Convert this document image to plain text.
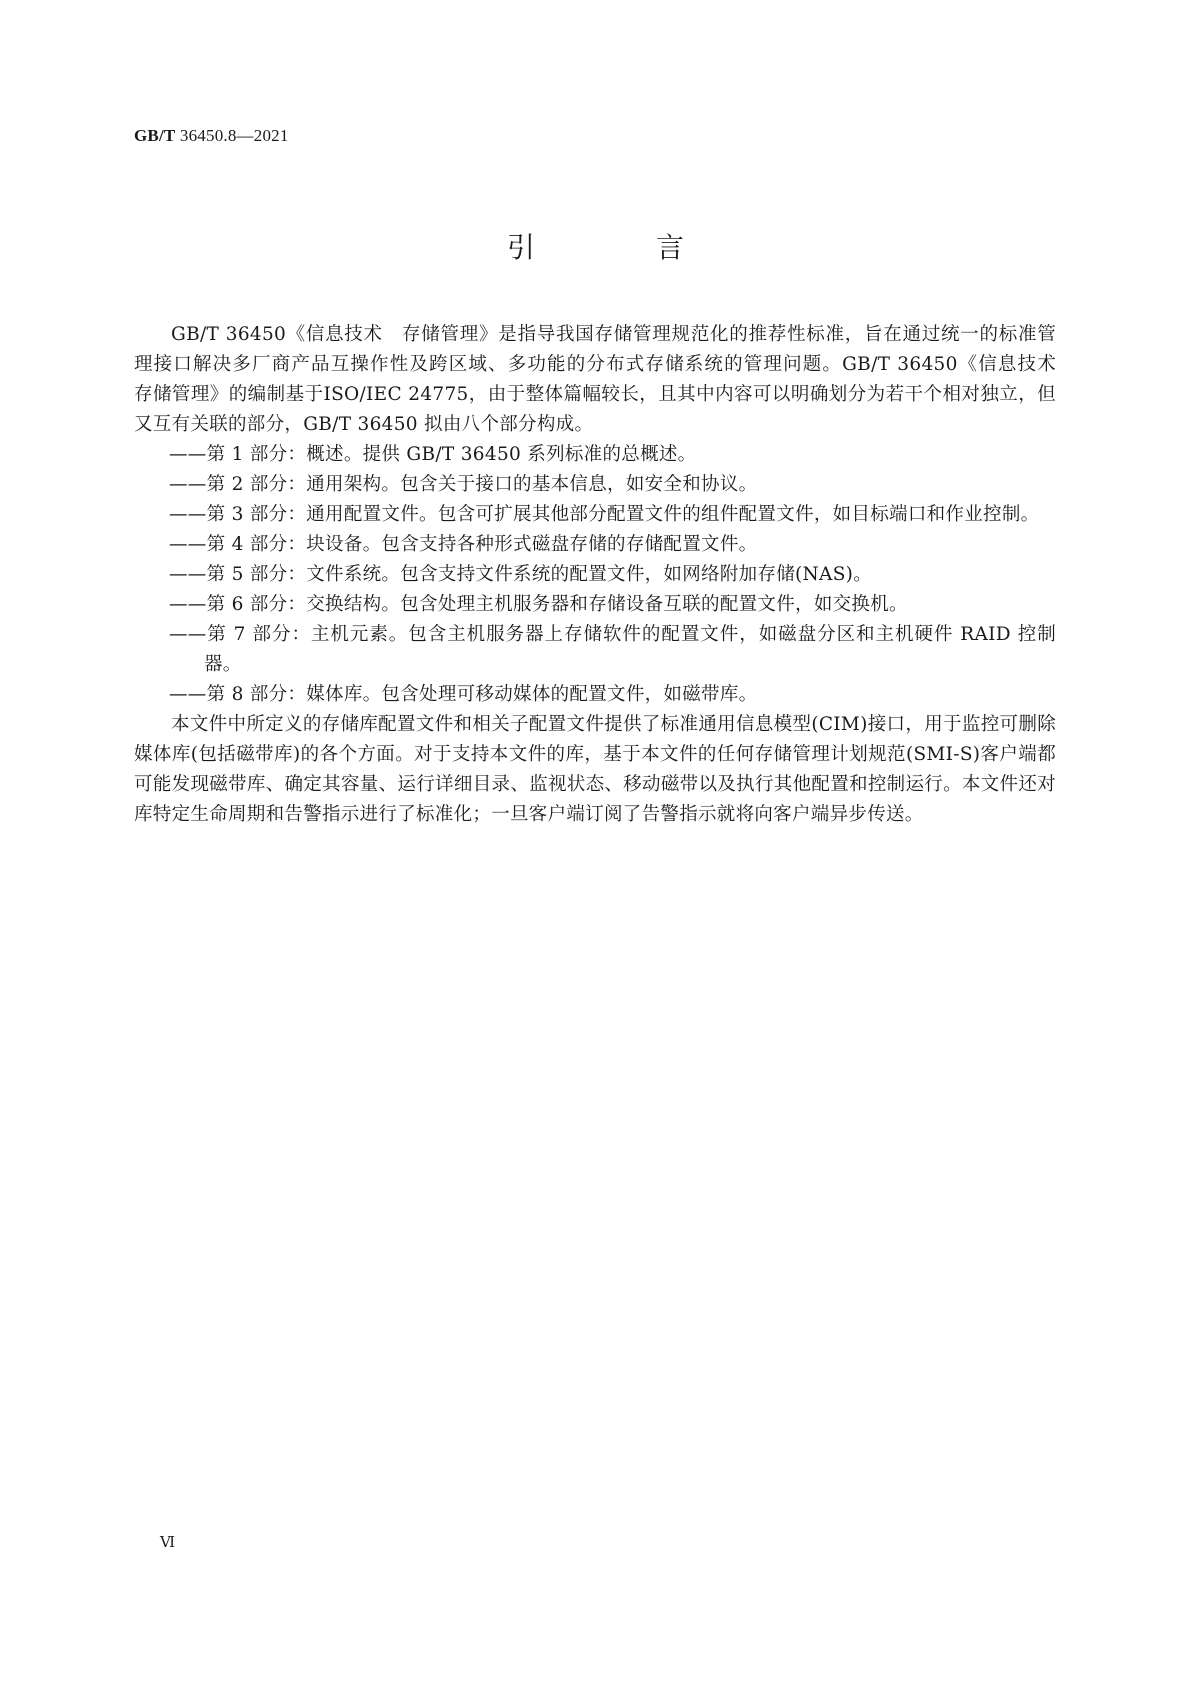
GB/T 36450.8—2021
引 言

GB/T 36450《信息技术　存储管理》是指导我国存储管理规范化的推荐性标准，旨在通过统一的标准管理接口解决多厂商产品互操作性及跨区域、多功能的分布式存储系统的管理问题。GB/T 36450《信息技术　存储管理》的编制基于ISO/IEC 24775，由于整体篇幅较长，且其中内容可以明确划分为若干个相对独立，但又互有关联的部分，GB/T 36450 拟由八个部分构成。

——第 1 部分：概述。提供 GB/T 36450 系列标准的总概述。
——第 2 部分：通用架构。包含关于接口的基本信息，如安全和协议。
——第 3 部分：通用配置文件。包含可扩展其他部分配置文件的组件配置文件，如目标端口和作业控制。
——第 4 部分：块设备。包含支持各种形式磁盘存储的存储配置文件。
——第 5 部分：文件系统。包含支持文件系统的配置文件，如网络附加存储(NAS)。
——第 6 部分：交换结构。包含处理主机服务器和存储设备互联的配置文件，如交换机。
——第 7 部分：主机元素。包含主机服务器上存储软件的配置文件，如磁盘分区和主机硬件 RAID 控制器。
——第 8 部分：媒体库。包含处理可移动媒体的配置文件，如磁带库。

本文件中所定义的存储库配置文件和相关子配置文件提供了标准通用信息模型(CIM)接口，用于监控可删除媒体库(包括磁带库)的各个方面。对于支持本文件的库，基于本文件的任何存储管理计划规范(SMI-S)客户端都可能发现磁带库、确定其容量、运行详细目录、监视状态、移动磁带以及执行其他配置和控制运行。本文件还对库特定生命周期和告警指示进行了标准化；一旦客户端订阅了告警指示就将向客户端异步传送。

Ⅵ
